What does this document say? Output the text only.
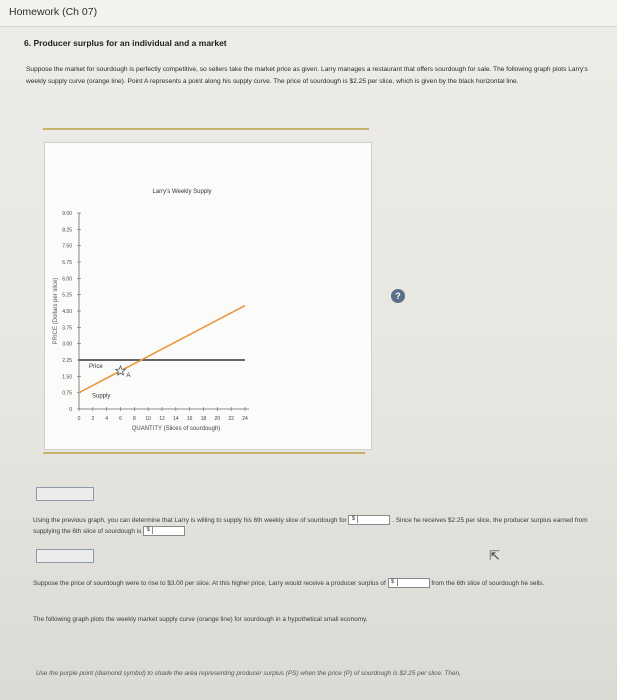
Homework (Ch 07)
6. Producer surplus for an individual and a market
Suppose the market for sourdough is perfectly competitive, so sellers take the market price as given. Larry manages a restaurant that offers sourdough for sale. The following graph plots Larry's weekly supply curve (orange line). Point A represents a point along his supply curve. The price of sourdough is $2.25 per slice, which is given by the black horizontal line.
?
Larry's Weekly Supply
0
0.75
1.50
2.25
3.00
3.75
4.50
5.25
6.00
6.75
7.50
8.25
9.00
0 2 4 6 8 10 12 14 16 18 20 22 24
A
Price
Supply
PRICE (Dollars per slice)
QUANTITY (Slices of sourdough)
Using the previous graph, you can determine that Larry is willing to supply his 6th weekly slice of sourdough for $	. Since he receives $2.25 per slice, the producer surplus earned from supplying the 6th slice of sourdough is $
⇱
Suppose the price of sourdough were to rise to $3.00 per slice. At this higher price, Larry would receive a producer surplus of $	from the 6th slice of sourdough he sells.
The following graph plots the weekly market supply curve (orange line) for sourdough in a hypothetical small economy.
Use the purple point (diamond symbol) to shade the area representing producer surplus (PS) when the price (P) of sourdough is $2.25 per slice. Then,
